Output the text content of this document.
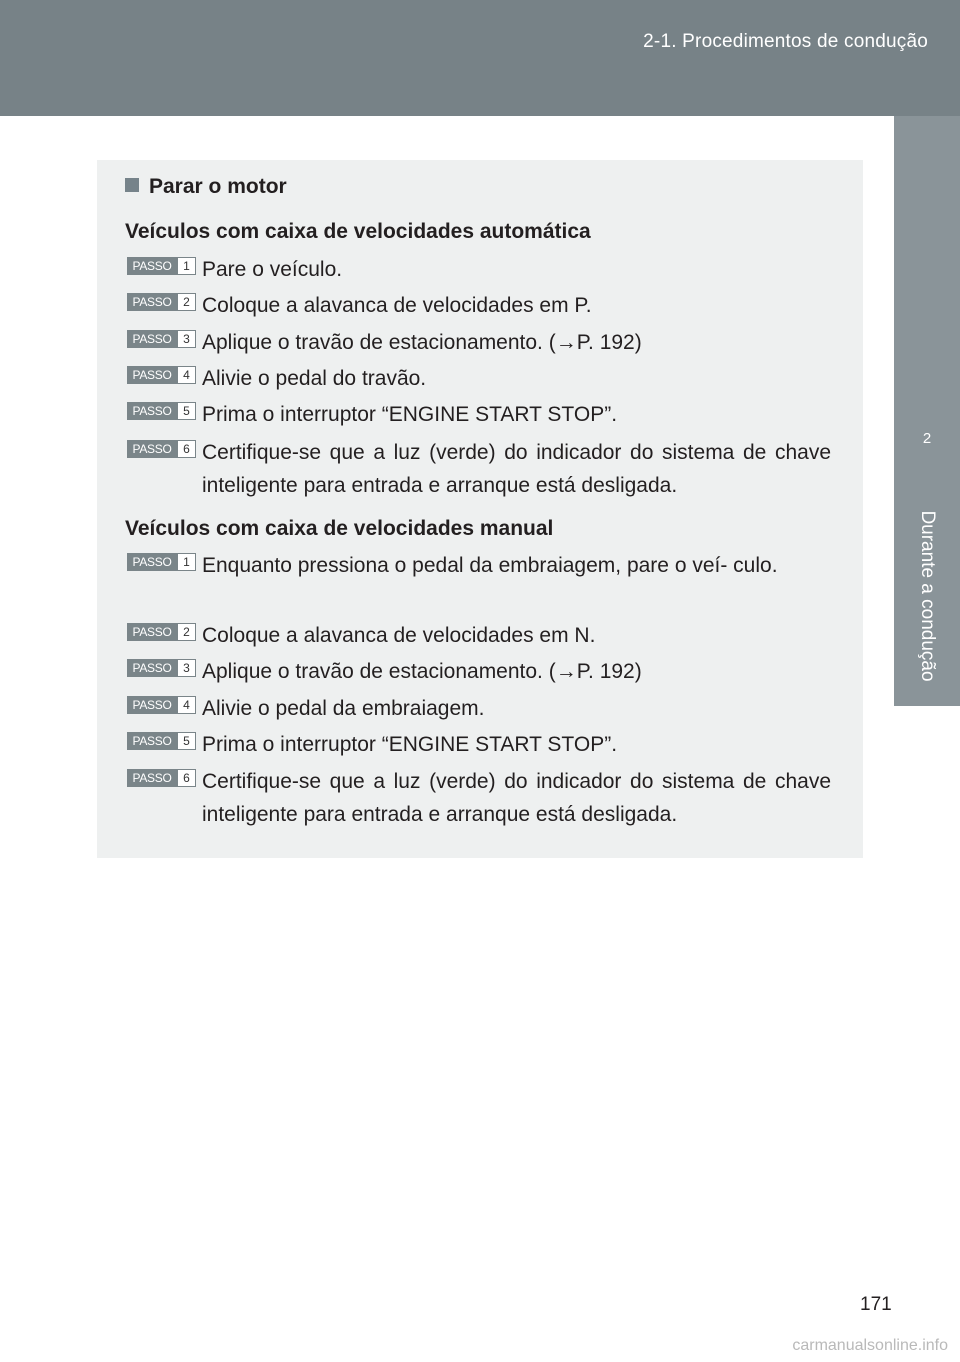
2-1. Procedimentos de condução
2
Durante a condução
Parar o motor
Veículos com caixa de velocidades automática
PASSO 1 Pare o veículo.
PASSO 2 Coloque a alavanca de velocidades em P.
PASSO 3 Aplique o travão de estacionamento. (→P. 192)
PASSO 4 Alivie o pedal do travão.
PASSO 5 Prima o interruptor “ENGINE START STOP”.
PASSO 6 Certifique-se que a luz (verde) do indicador do sistema de chave inteligente para entrada e arranque está desligada.
Veículos com caixa de velocidades manual
PASSO 1 Enquanto pressiona o pedal da embraiagem, pare o veí- culo.
PASSO 2 Coloque a alavanca de velocidades em N.
PASSO 3 Aplique o travão de estacionamento. (→P. 192)
PASSO 4 Alivie o pedal da embraiagem.
PASSO 5 Prima o interruptor “ENGINE START STOP”.
PASSO 6 Certifique-se que a luz (verde) do indicador do sistema de chave inteligente para entrada e arranque está desligada.
171
carmanualsonline.info
